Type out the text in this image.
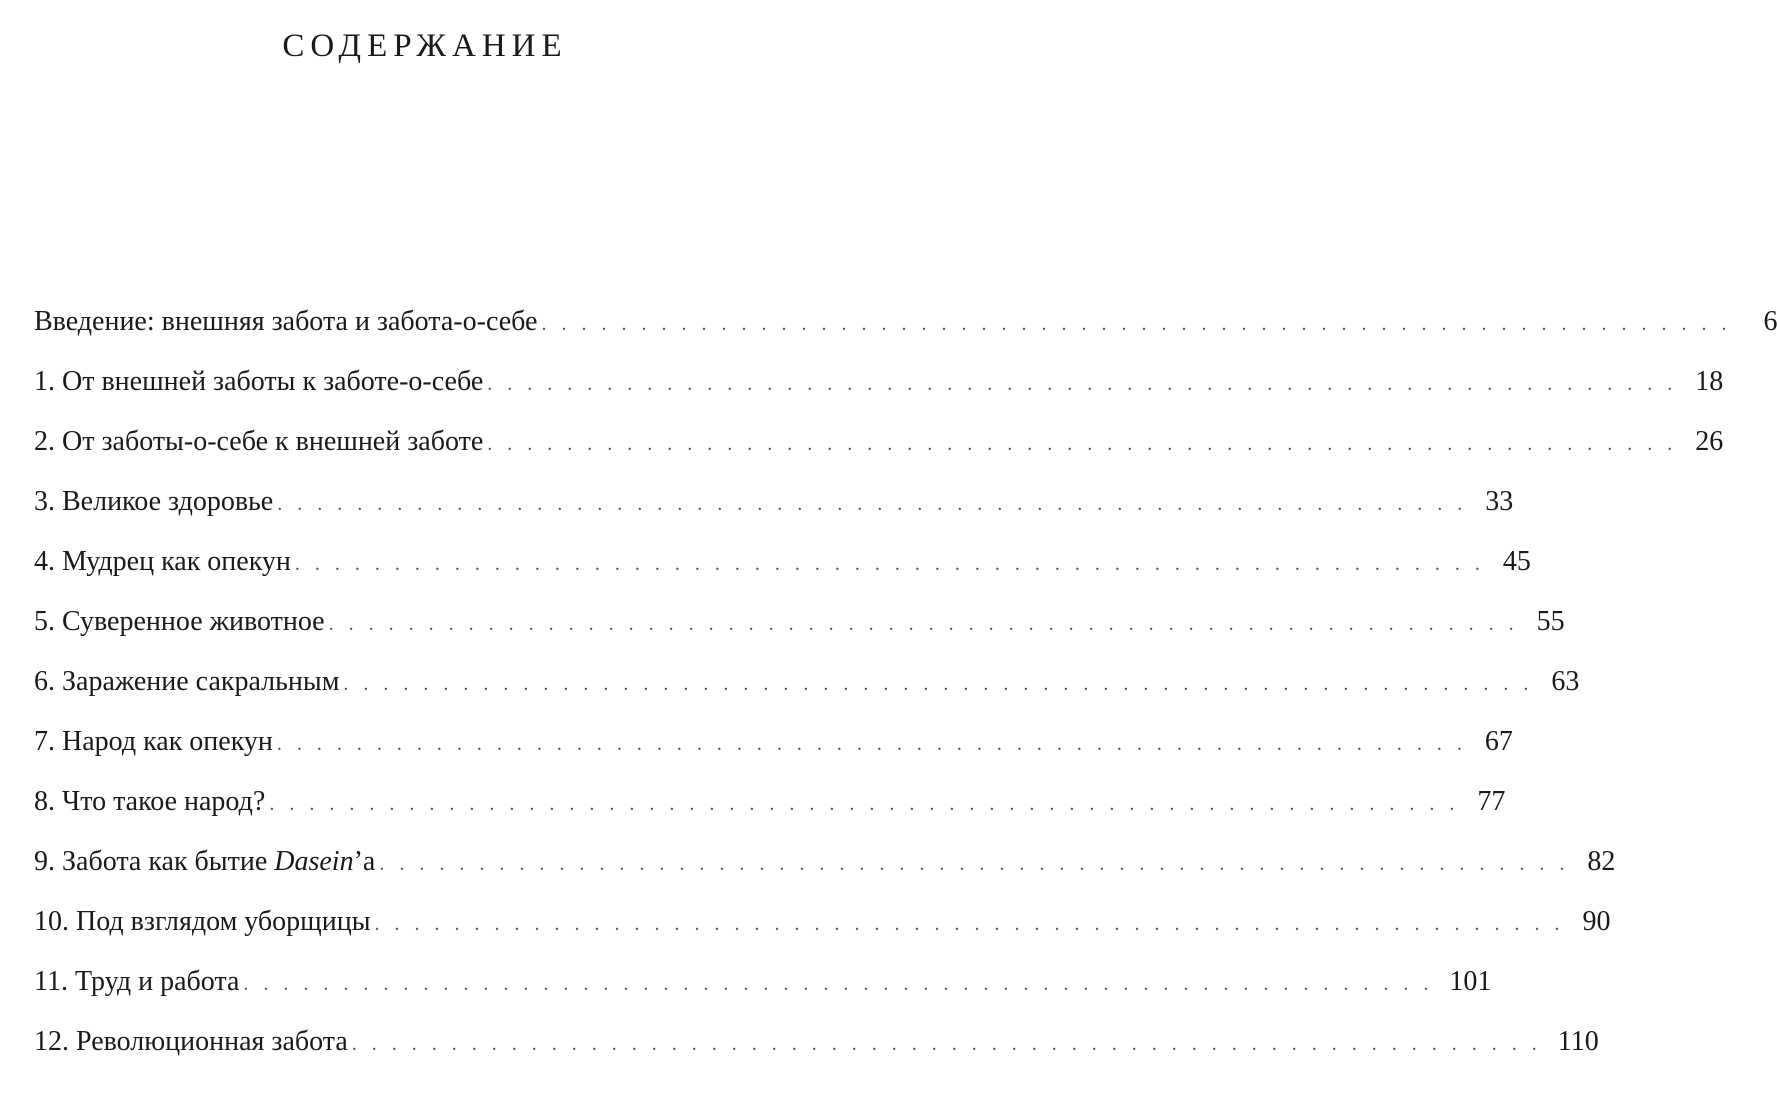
СОДЕРЖАНИЕ
Введение: внешняя забота и забота-о-себе ............................................................ 6
1. От внешней заботы к заботе-о-себе ............................................................ 18
2. От заботы-о-себе к внешней заботе ............................................................ 26
3. Великое здоровье ............................................................ 33
4. Мудрец как опекун ............................................................ 45
5. Суверенное животное ............................................................ 55
6. Заражение сакральным ............................................................ 63
7. Народ как опекун ............................................................ 67
8. Что такое народ? ............................................................ 77
9. Забота как бытие Dasein’а ............................................................ 82
10. Под взглядом уборщицы ............................................................ 90
11. Труд и работа ............................................................ 101
12. Революционная забота ............................................................ 110
